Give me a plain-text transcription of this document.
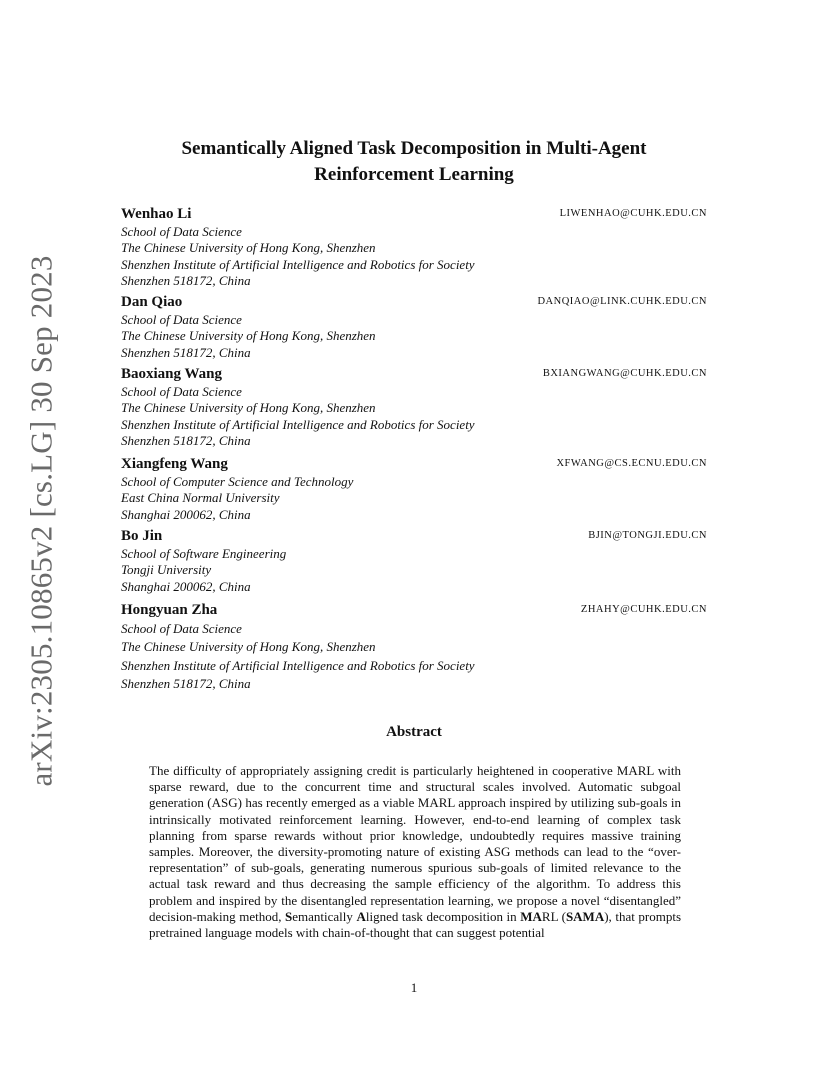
arXiv:2305.10865v2 [cs.LG] 30 Sep 2023
Semantically Aligned Task Decomposition in Multi-Agent
Reinforcement Learning
Wenhao Li	LIWENHAO@CUHK.EDU.CN
School of Data Science
The Chinese University of Hong Kong, Shenzhen
Shenzhen Institute of Artificial Intelligence and Robotics for Society
Shenzhen 518172, China
Dan Qiao	DANQIAO@LINK.CUHK.EDU.CN
School of Data Science
The Chinese University of Hong Kong, Shenzhen
Shenzhen 518172, China
Baoxiang Wang	BXIANGWANG@CUHK.EDU.CN
School of Data Science
The Chinese University of Hong Kong, Shenzhen
Shenzhen Institute of Artificial Intelligence and Robotics for Society
Shenzhen 518172, China
Xiangfeng Wang	XFWANG@CS.ECNU.EDU.CN
School of Computer Science and Technology
East China Normal University
Shanghai 200062, China
Bo Jin	BJIN@TONGJI.EDU.CN
School of Software Engineering
Tongji University
Shanghai 200062, China
Hongyuan Zha	ZHAHY@CUHK.EDU.CN
School of Data Science
The Chinese University of Hong Kong, Shenzhen
Shenzhen Institute of Artificial Intelligence and Robotics for Society
Shenzhen 518172, China
Abstract
The difficulty of appropriately assigning credit is particularly heightened in cooperative MARL with sparse reward, due to the concurrent time and structural scales involved. Automatic subgoal generation (ASG) has recently emerged as a viable MARL approach inspired by utilizing sub-goals in intrinsically motivated reinforcement learning. However, end-to-end learning of complex task planning from sparse rewards without prior knowledge, undoubtedly requires massive training samples. Moreover, the diversity-promoting nature of existing ASG methods can lead to the “over-representation” of sub-goals, generating numerous spurious sub-goals of limited relevance to the actual task reward and thus decreasing the sample efficiency of the algorithm. To address this problem and inspired by the disentangled representation learning, we propose a novel “disentangled” decision-making method, Semantically Aligned task decomposition in MARL (SAMA), that prompts pretrained language models with chain-of-thought that can suggest potential
1
